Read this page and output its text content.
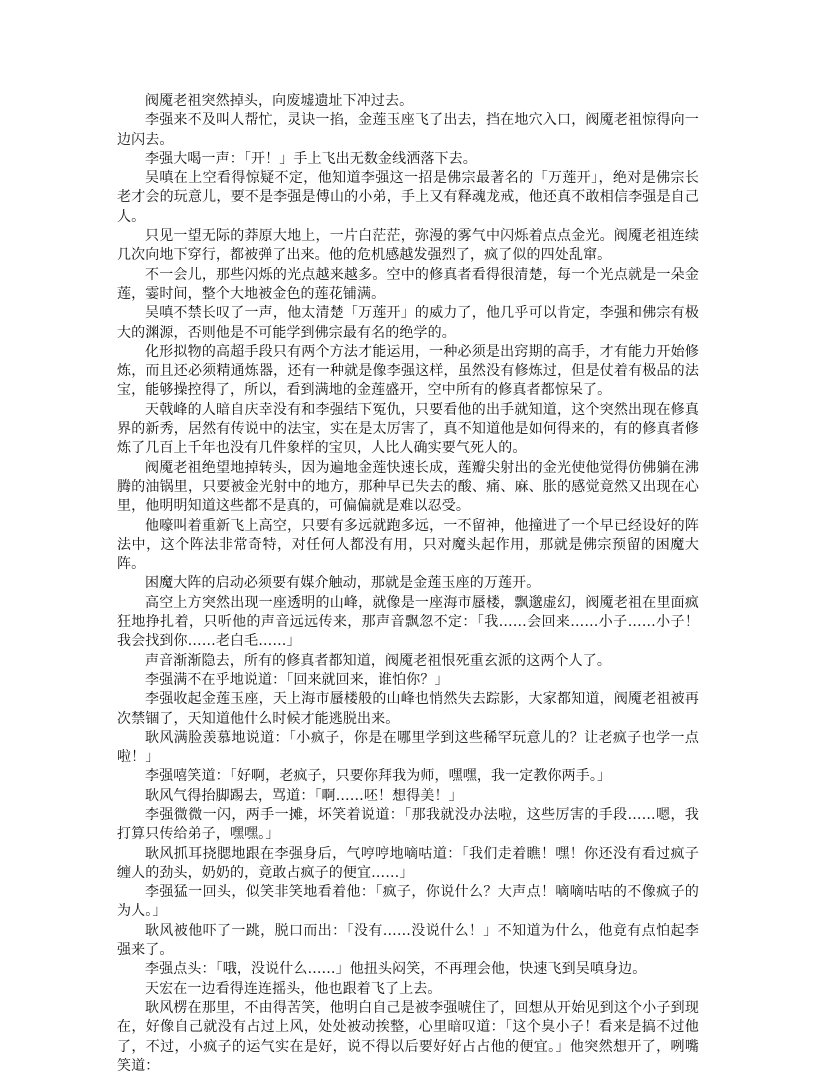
阀魇老祖突然掉头，向废墟遗址下冲过去。

李强来不及叫人帮忙，灵诀一掐，金莲玉座飞了出去，挡在地穴入口，阀魇老祖惊得向一边闪去。

李强大喝一声：「开！」手上飞出无数金线洒落下去。

吴嗔在上空看得惊疑不定，他知道李强这一招是佛宗最著名的「万莲开」，绝对是佛宗长老才会的玩意儿，要不是李强是傅山的小弟，手上又有释魂龙戒，他还真不敢相信李强是自己人。

只见一望无际的莽原大地上，一片白茫茫，弥漫的雾气中闪烁着点点金光。阀魇老祖连续几次向地下穿行，都被弹了出来。他的危机感越发强烈了，疯了似的四处乱窜。

不一会儿，那些闪烁的光点越来越多。空中的修真者看得很清楚，每一个光点就是一朵金莲，霎时间，整个大地被金色的莲花铺满。

吴嗔不禁长叹了一声，他太清楚「万莲开」的威力了，他几乎可以肯定，李强和佛宗有极大的渊源，否则他是不可能学到佛宗最有名的绝学的。

化形拟物的高超手段只有两个方法才能运用，一种必须是出窍期的高手，才有能力开始修炼，而且还必须精通炼器，还有一种就是像李强这样，虽然没有修炼过，但是仗着有极品的法宝，能够操控得了，所以，看到满地的金莲盛开，空中所有的修真者都惊呆了。

天戟峰的人暗自庆幸没有和李强结下冤仇，只要看他的出手就知道，这个突然出现在修真界的新秀，居然有传说中的法宝，实在是太厉害了，真不知道他是如何得来的，有的修真者修炼了几百上千年也没有几件象样的宝贝，人比人确实要气死人的。

阀魇老祖绝望地掉转头，因为遍地金莲快速长成，莲瓣尖射出的金光使他觉得仿佛躺在沸腾的油锅里，只要被金光射中的地方，那种早已失去的酸、痛、麻、胀的感觉竟然又出现在心里，他明明知道这些都不是真的，可偏偏就是难以忍受。

他嚎叫着重新飞上高空，只要有多远就跑多远，一不留神，他撞进了一个早已经设好的阵法中，这个阵法非常奇特，对任何人都没有用，只对魔头起作用，那就是佛宗预留的困魔大阵。

困魔大阵的启动必须要有媒介触动，那就是金莲玉座的万莲开。

高空上方突然出现一座透明的山峰，就像是一座海市蜃楼，飘邈虚幻，阀魇老祖在里面疯狂地挣扎着，只听他的声音远远传来，那声音飘忽不定：「我……会回来……小子……小子！我会找到你……老白毛……」

声音渐渐隐去，所有的修真者都知道，阀魇老祖恨死重玄派的这两个人了。

李强满不在乎地说道：「回来就回来，谁怕你？」

李强收起金莲玉座，天上海市蜃楼般的山峰也悄然失去踪影，大家都知道，阀魇老祖被再次禁锢了，天知道他什么时候才能逃脱出来。

耿风满脸羡慕地说道：「小疯子，你是在哪里学到这些稀罕玩意儿的？让老疯子也学一点啦！」

李强嘻笑道：「好啊，老疯子，只要你拜我为师，嘿嘿，我一定教你两手。」

耿风气得抬脚踢去，骂道：「啊……呸！想得美！」

李强微微一闪，两手一摊，坏笑着说道：「那我就没办法啦，这些厉害的手段……嗯，我打算只传给弟子，嘿嘿。」

耿风抓耳挠腮地跟在李强身后，气哼哼地嘀咕道：「我们走着瞧！嘿！你还没有看过疯子缠人的劲头，奶奶的，竟敢占疯子的便宜……」

李强猛一回头，似笑非笑地看着他：「疯子，你说什么？大声点！嘀嘀咕咕的不像疯子的为人。」

耿风被他吓了一跳，脱口而出：「没有……没说什么！」不知道为什么，他竟有点怕起李强来了。

李强点头：「哦，没说什么……」他扭头闷笑，不再理会他，快速飞到吴嗔身边。

天宏在一边看得连连摇头，他也跟着飞了上去。

耿风楞在那里，不由得苦笑，他明白自己是被李强唬住了，回想从开始见到这个小子到现在，好像自己就没有占过上风，处处被动挨整，心里暗叹道：「这个臭小子！看来是搞不过他了，不过，小疯子的运气实在是好，说不得以后要好好占占他的便宜。」他突然想开了，咧嘴笑道：
